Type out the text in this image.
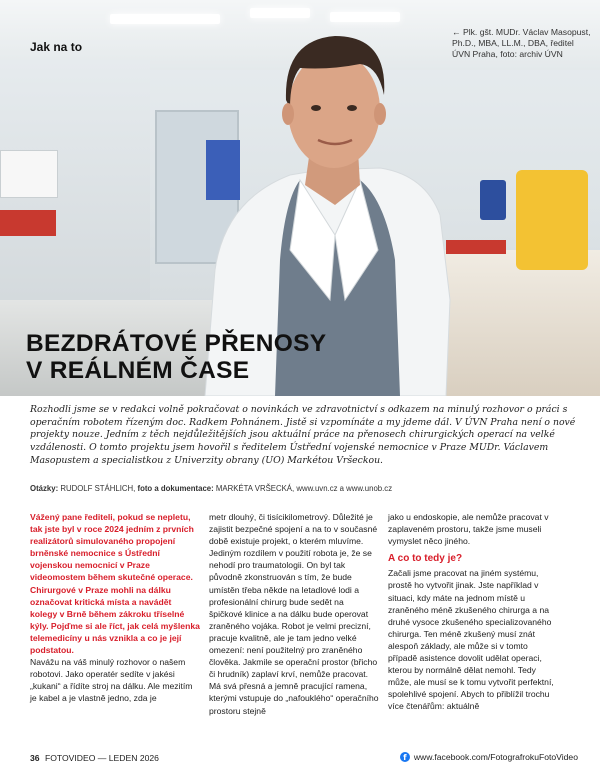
Jak na to
← Plk. gšt. MUDr. Václav Masopust, Ph.D., MBA, LL.M., DBA, ředitel ÚVN Praha, foto: archiv ÚVN
BEZDRÁTOVÉ PŘENOSY
V REÁLNÉM ČASE
Rozhodli jsme se v redakci volně pokračovat o novinkách ve zdravotnictví s odkazem na minulý rozhovor o práci s operačním robotem řízeným doc. Radkem Pohnánem. Jistě si vzpomínáte a my jdeme dál. V ÚVN Praha není o nové projekty nouze. Jedním z těch nejdůležitějších jsou aktuální práce na přenosech chirurgických operací na velké vzdálenosti. O tomto projektu jsem hovořil s ředitelem Ústřední vojenské nemocnice v Praze MUDr. Václavem Masopustem a specialistkou z Univerzity obrany (UO) Markétou Vršeckou.
Otázky: RUDOLF STÁHLICH, foto a dokumentace: MARKÉTA VRŠECKÁ, www.uvn.cz a www.unob.cz

Vážený pane řediteli, pokud se nepletu, tak jste byl v roce 2024 jedním z prvních realizátorů simulovaného propojení brněnské nemocnice s Ústřední vojenskou nemocnicí v Praze videomostem během skutečné operace. Chirurgové v Praze mohli na dálku označovat kritická místa a navádět kolegy v Brně během zákroku tříselné kýly. Pojďme si ale říct, jak celá myšlenka telemedicíny u nás vznikla a co je její podstatou.

Navážu na váš minulý rozhovor o našem robotovi. Jako operatér sedíte v jakési „kukani“ a řídíte stroj na dálku. Ale mezitím je kabel a je vlastně jedno, zda je

metr dlouhý, či tisícikilometrový. Důležité je zajistit bezpečné spojení a na to v současné době existuje projekt, o kterém mluvíme. Jediným rozdílem v použití robota je, že se nehodí pro traumatologii. On byl tak původně zkonstruován s tím, že bude umístěn třeba někde na letadlové lodi a profesionální chirurg bude sedět na špičkové klinice a na dálku bude operovat zraněného vojáka. Robot je velmi precizní, pracuje kvalitně, ale je tam jedno velké omezení: není použitelný pro zraněného člověka. Jakmile se operační prostor (břicho či hrudník) zaplaví krví, nemůže pracovat. Má svá přesná a jemně pracující ramena, kterými vstupuje do „nafouklého“ operačního prostoru stejně

jako u endoskopie, ale nemůže pracovat v zaplaveném prostoru, takže jsme museli vymyslet něco jiného.

A co to tedy je?

Začali jsme pracovat na jiném systému, prostě ho vytvořit jinak. Jste například v situaci, kdy máte na jednom místě u zraněného méně zkušeného chirurga a na druhé vysoce zkušeného specializovaného chirurga. Ten méně zkušený musí znát alespoň základy, ale může si v tomto případě asistence dovolit udělat operaci, kterou by normálně dělat nemohl. Tedy může, ale musí se k tomu vytvořit perfektní, spolehlivé spojení. Abych to přiblížil trochu více čtenářům: aktuálně

36 FOTOVIDEO — LEDEN 2026	f www.facebook.com/FotografrokuFotoVideo
